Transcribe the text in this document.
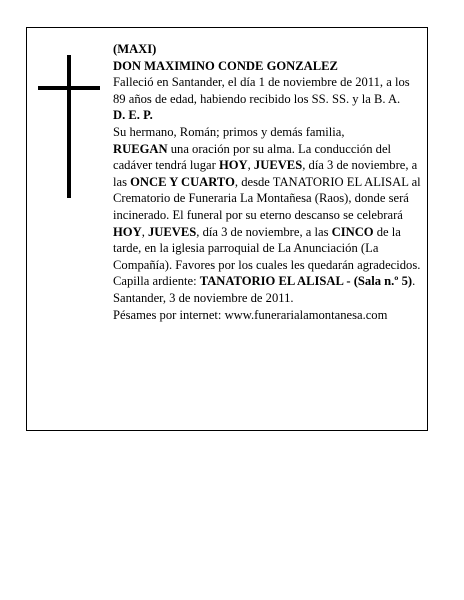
(MAXI)

DON MAXIMINO CONDE GONZALEZ

Falleció en Santander, el día 1 de noviembre de 2011, a los 89 años de edad, habiendo recibido los SS. SS. y la B. A.

D. E. P.

Su hermano, Román; primos y demás familia,
RUEGAN una oración por su alma. La conducción del cadáver tendrá lugar HOY, JUEVES, día 3 de noviembre, a las ONCE Y CUARTO, desde TANATORIO EL ALISAL al Crematorio de Funeraria La Montañesa (Raos), donde será incinerado. El funeral por su eterno descanso se celebrará HOY, JUEVES, día 3 de noviembre, a las CINCO de la tarde, en la iglesia parroquial de La Anunciación (La Compañía). Favores por los cuales les quedarán agradecidos.

Capilla ardiente: TANATORIO EL ALISAL - (Sala n.º 5).

Santander, 3 de noviembre de 2011.

Pésames por internet: www.funerarialamontanesa.com
